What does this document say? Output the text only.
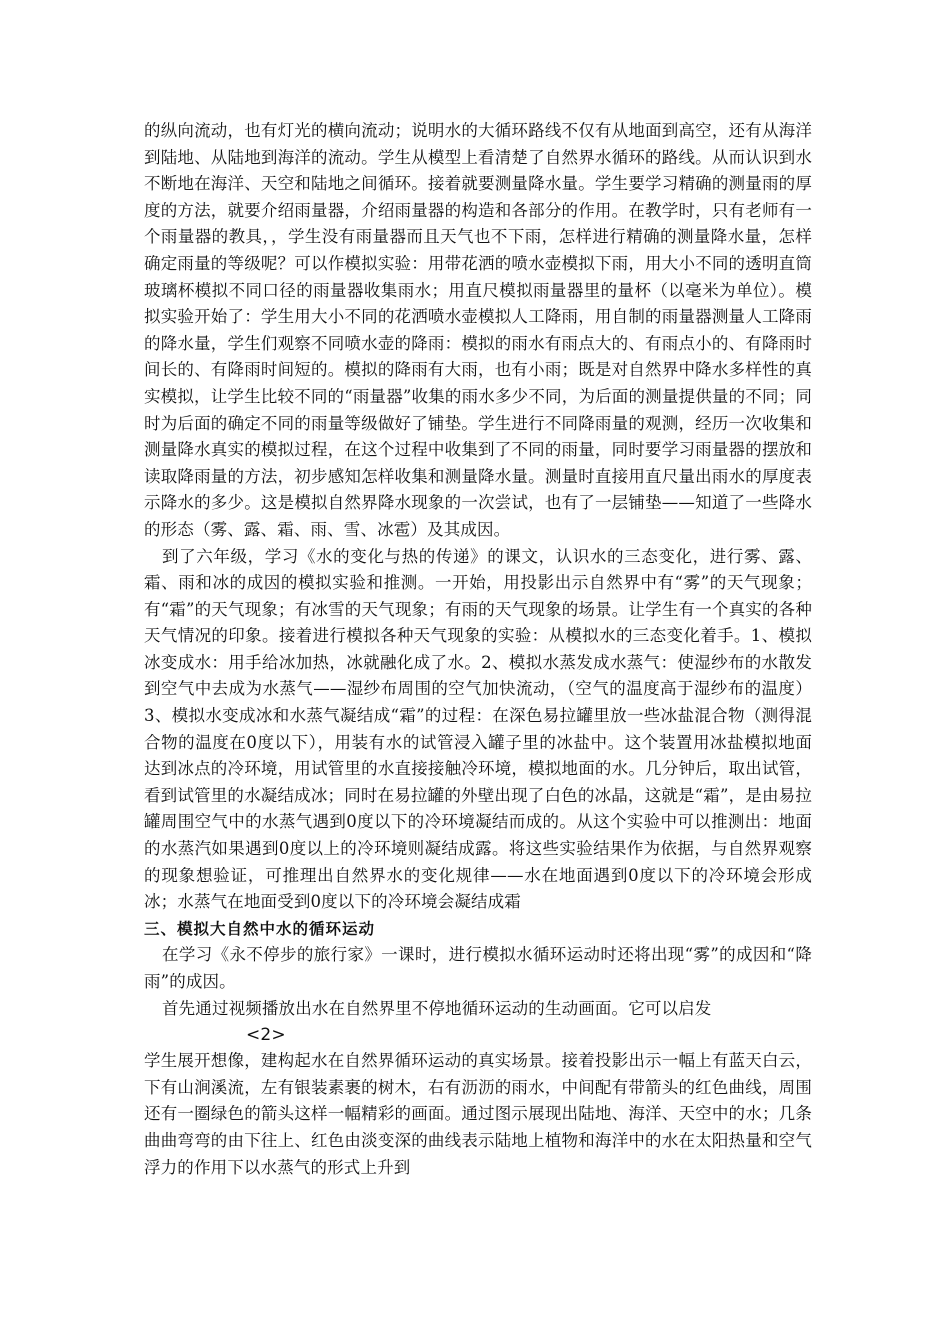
的纵向流动，也有灯光的横向流动；说明水的大循环路线不仅有从地面到高空，还有从海洋到陆地、从陆地到海洋的流动。学生从模型上看清楚了自然界水循环的路线。从而认识到水不断地在海洋、天空和陆地之间循环。接着就要测量降水量。学生要学习精确的测量雨的厚度的方法，就要介绍雨量器，介绍雨量器的构造和各部分的作用。在教学时，只有老师有一个雨量器的教具，，学生没有雨量器而且天气也不下雨，怎样进行精确的测量降水量，怎样确定雨量的等级呢？可以作模拟实验：用带花洒的喷水壶模拟下雨，用大小不同的透明直筒玻璃杯模拟不同口径的雨量器收集雨水；用直尺模拟雨量器里的量杯（以毫米为单位）。模拟实验开始了：学生用大小不同的花洒喷水壶模拟人工降雨，用自制的雨量器测量人工降雨的降水量，学生们观察不同喷水壶的降雨：模拟的雨水有雨点大的、有雨点小的、有降雨时间长的、有降雨时间短的。模拟的降雨有大雨，也有小雨；既是对自然界中降水多样性的真实模拟，让学生比较不同的“雨量器”收集的雨水多少不同，为后面的测量提供量的不同；同时为后面的确定不同的雨量等级做好了铺垫。学生进行不同降雨量的观测，经历一次收集和测量降水真实的模拟过程，在这个过程中收集到了不同的雨量，同时要学习雨量器的摆放和读取降雨量的方法，初步感知怎样收集和测量降水量。测量时直接用直尺量出雨水的厚度表示降水的多少。这是模拟自然界降水现象的一次尝试，也有了一层铺垫——知道了一些降水的形态（雾、露、霜、雨、雪、冰雹）及其成因。

到了六年级，学习《水的变化与热的传递》的课文，认识水的三态变化，进行雾、露、霜、雨和冰的成因的模拟实验和推测。一开始，用投影出示自然界中有“雾”的天气现象；有“霜”的天气现象；有冰雪的天气现象；有雨的天气现象的场景。让学生有一个真实的各种天气情况的印象。接着进行模拟各种天气现象的实验：从模拟水的三态变化着手。1、模拟冰变成水：用手给冰加热，冰就融化成了水。2、模拟水蒸发成水蒸气：使湿纱布的水散发到空气中去成为水蒸气——湿纱布周围的空气加快流动，（空气的温度高于湿纱布的温度）3、模拟水变成冰和水蒸气凝结成“霜”的过程：在深色易拉罐里放一些冰盐混合物（测得混合物的温度在0度以下），用装有水的试管浸入罐子里的冰盐中。这个装置用冰盐模拟地面达到冰点的冷环境，用试管里的水直接接触冷环境，模拟地面的水。几分钟后，取出试管，看到试管里的水凝结成冰；同时在易拉罐的外壁出现了白色的冰晶，这就是“霜”，是由易拉罐周围空气中的水蒸气遇到0度以下的冷环境凝结而成的。从这个实验中可以推测出：地面的水蒸汽如果遇到0度以上的冷环境则凝结成露。将这些实验结果作为依据，与自然界观察的现象想验证，可推理出自然界水的变化规律——水在地面遇到0度以下的冷环境会形成冰；水蒸气在地面受到0度以下的冷环境会凝结成霜

三、模拟大自然中水的循环运动

在学习《永不停步的旅行家》一课时，进行模拟水循环运动时还将出现“雾”的成因和“降雨”的成因。

首先通过视频播放出水在自然界里不停地循环运动的生动画面。它可以启发

<2>

学生展开想像，建构起水在自然界循环运动的真实场景。接着投影出示一幅上有蓝天白云，下有山涧溪流，左有银装素裹的树木，右有沥沥的雨水，中间配有带箭头的红色曲线，周围还有一圈绿色的箭头这样一幅精彩的画面。通过图示展现出陆地、海洋、天空中的水；几条曲曲弯弯的由下往上、红色由淡变深的曲线表示陆地上植物和海洋中的水在太阳热量和空气浮力的作用下以水蒸气的形式上升到
